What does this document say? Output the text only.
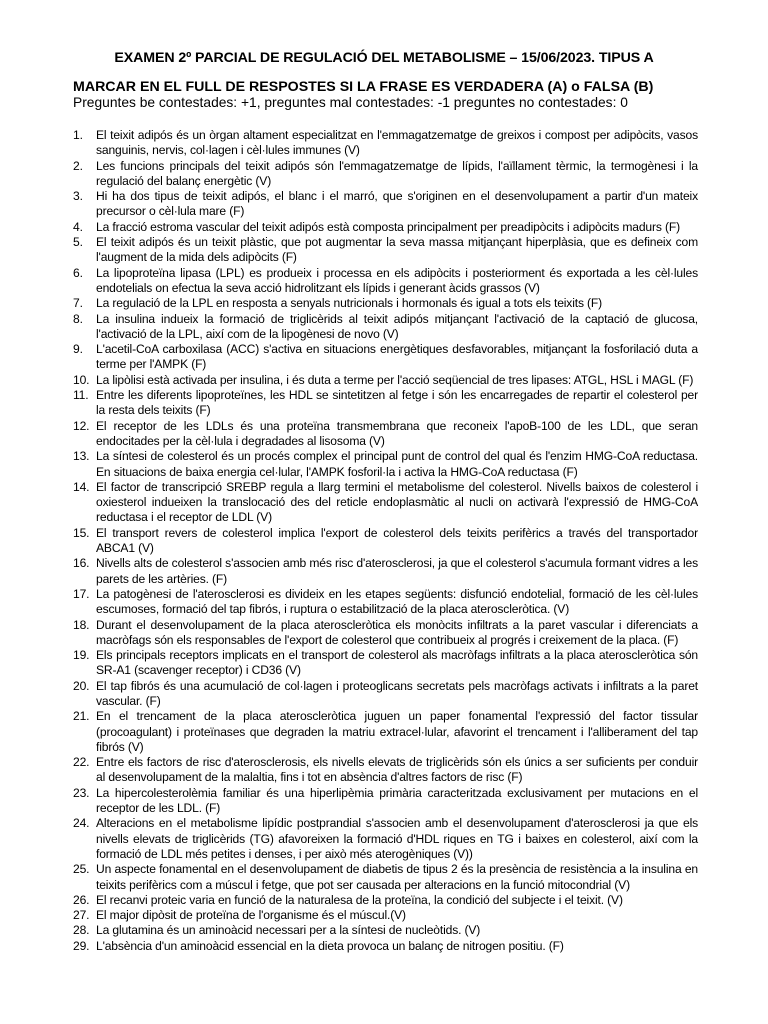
EXAMEN 2º PARCIAL DE REGULACIÓ DEL METABOLISME – 15/06/2023. TIPUS A
MARCAR EN EL FULL DE RESPOSTES SI LA FRASE ES VERDADERA (A) o FALSA (B)
Preguntes be contestades: +1, preguntes mal contestades: -1 preguntes no contestades: 0
1. El teixit adipós és un òrgan altament especialitzat en l'emmagatzematge de greixos i compost per adipòcits, vasos sanguinis, nervis, col·lagen i cèl·lules immunes (V)
2. Les funcions principals del teixit adipós són l'emmagatzematge de lípids, l'aïllament tèrmic, la termogènesi i la regulació del balanç energètic (V)
3. Hi ha dos tipus de teixit adipós, el blanc i el marró, que s'originen en el desenvolupament a partir d'un mateix precursor o cèl·lula mare (F)
4. La fracció estroma vascular del teixit adipós està composta principalment per preadipòcits i adipòcits madurs (F)
5. El teixit adipós és un teixit plàstic, que pot augmentar la seva massa mitjançant hiperplàsia, que es defineix com l'augment de la mida dels adipòcits (F)
6. La lipoproteïna lipasa (LPL) es produeix i processa en els adipòcits i posteriorment és exportada a les cèl·lules endotelials on efectua la seva acció hidrolitzant els lípids i generant àcids grassos (V)
7. La regulació de la LPL en resposta a senyals nutricionals i hormonals és igual a tots els teixits (F)
8. La insulina indueix la formació de triglicèrids al teixit adipós mitjançant l'activació de la captació de glucosa, l'activació de la LPL, així com de la lipogènesi de novo (V)
9. L'acetil-CoA carboxilasa (ACC) s'activa en situacions energètiques desfavorables, mitjançant la fosforilació duta a terme per l'AMPK (F)
10. La lipòlisi està activada per insulina, i és duta a terme per l'acció seqüencial de tres lipases: ATGL, HSL i MAGL (F)
11. Entre les diferents lipoproteïnes, les HDL se sintetitzen al fetge i són les encarregades de repartir el colesterol per la resta dels teixits (F)
12. El receptor de les LDLs és una proteïna transmembrana que reconeix l'apoB-100 de les LDL, que seran endocitades per la cèl·lula i degradades al lisosoma (V)
13. La síntesi de colesterol és un procés complex el principal punt de control del qual és l'enzim HMG-CoA reductasa. En situacions de baixa energia cel·lular, l'AMPK fosforil·la i activa la HMG-CoA reductasa (F)
14. El factor de transcripció SREBP regula a llarg termini el metabolisme del colesterol. Nivells baixos de colesterol i oxiesterol indueixen la translocació des del reticle endoplasmàtic al nucli on activarà l'expressió de HMG-CoA reductasa i el receptor de LDL (V)
15. El transport revers de colesterol implica l'export de colesterol dels teixits perifèrics a través del transportador ABCA1 (V)
16. Nivells alts de colesterol s'associen amb més risc d'aterosclerosi, ja que el colesterol s'acumula formant vidres a les parets de les artèries. (F)
17. La patogènesi de l'aterosclerosi es divideix en les etapes següents: disfunció endotelial, formació de les cèl·lules escumoses, formació del tap fibrós, i ruptura o estabilització de la placa ateroscleròtica. (V)
18. Durant el desenvolupament de la placa ateroscleròtica els monòcits infiltrats a la paret vascular i diferenciats a macròfags són els responsables de l'export de colesterol que contribueix al progrés i creixement de la placa. (F)
19. Els principals receptors implicats en el transport de colesterol als macròfags infiltrats a la placa ateroscleròtica són SR-A1 (scavenger receptor) i CD36 (V)
20. El tap fibrós és una acumulació de col·lagen i proteoglicans secretats pels macròfags activats i infiltrats a la paret vascular. (F)
21. En el trencament de la placa ateroscleròtica juguen un paper fonamental l'expressió del factor tissular (procoagulant) i proteïnases que degraden la matriu extracel·lular, afavorint el trencament i l'alliberament del tap fibrós (V)
22. Entre els factors de risc d'aterosclerosis, els nivells elevats de triglicèrids són els únics a ser suficients per conduir al desenvolupament de la malaltia, fins i tot en absència d'altres factors de risc (F)
23. La hipercolesterolèmia familiar és una hiperlipèmia primària caracteritzada exclusivament per mutacions en el receptor de les LDL. (F)
24. Alteracions en el metabolisme lipídic postprandial s'associen amb el desenvolupament d'aterosclerosi ja que els nivells elevats de triglicèrids (TG) afavoreixen la formació d'HDL riques en TG i baixes en colesterol, així com la formació de LDL més petites i denses, i per això més aterogèniques (V))
25. Un aspecte fonamental en el desenvolupament de diabetis de tipus 2 és la presència de resistència a la insulina en teixits perifèrics com a múscul i fetge, que pot ser causada per alteracions en la funció mitocondrial (V)
26. El recanvi proteic varia en funció de la naturalesa de la proteïna, la condició del subjecte i el teixit. (V)
27. El major dipòsit de proteïna de l'organisme és el múscul.(V)
28. La glutamina és un aminoàcid necessari per a la síntesi de nucleòtids. (V)
29. L'absència d'un aminoàcid essencial en la dieta provoca un balanç de nitrogen positiu. (F)
